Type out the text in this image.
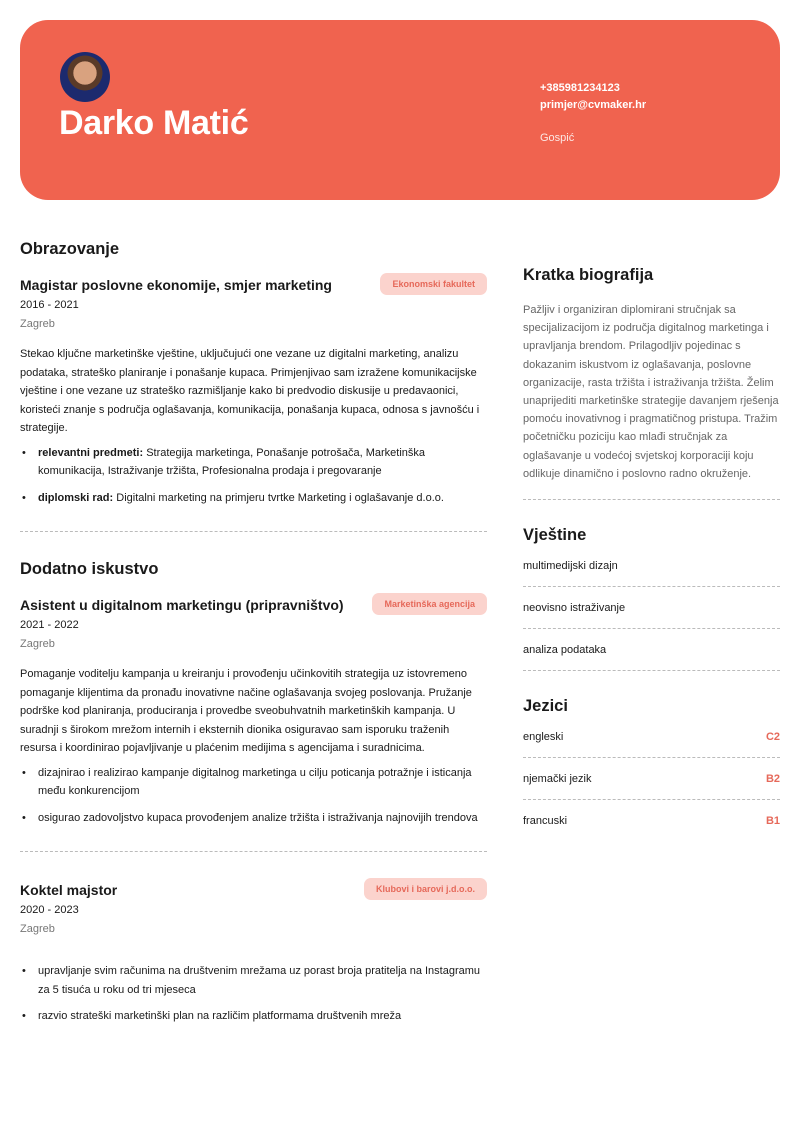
Darko Matić
+385981234123
primjer@cvmaker.hr
Gospić
Obrazovanje
Magistar poslovne ekonomije, smjer marketing	Ekonomski fakultet
2016 - 2021
Zagreb
Stekao ključne marketinške vještine, uključujući one vezane uz digitalni marketing, analizu podataka, strateško planiranje i ponašanje kupaca. Primjenjivao sam izražene komunikacijske vještine i one vezane uz strateško razmišljanje kako bi predvodio diskusije u predavaonici, koristeći znanje s područja oglašavanja, komunikacija, ponašanja kupaca, odnosa s javnošću i strategije.
• relevantni predmeti: Strategija marketinga, Ponašanje potrošača, Marketinška komunikacija, Istraživanje tržišta, Profesionalna prodaja i pregovaranje
• diplomski rad: Digitalni marketing na primjeru tvrtke Marketing i oglašavanje d.o.o.
Dodatno iskustvo
Asistent u digitalnom marketingu (pripravništvo)	Marketinška agencija
2021 - 2022
Zagreb
Pomaganje voditelju kampanja u kreiranju i provođenju učinkovitih strategija uz istovremeno pomaganje klijentima da pronađu inovativne načine oglašavanja svojeg poslovanja. Pružanje podrške kod planiranja, produciranja i provedbe sveobuhvatnih marketinških kampanja. U suradnji s širokom mrežom internih i eksternih dionika osiguravao sam isporuku traženih resursa i koordinirao pojavljivanje u plaćenim medijima s agencijama i suradnicima.
• dizajnirao i realizirao kampanje digitalnog marketinga u cilju poticanja potražnje i isticanja među konkurencijom
• osigurao zadovoljstvo kupaca provođenjem analize tržišta i istraživanja najnovijih trendova
Koktel majstor	Klubovi i barovi j.d.o.o.
2020 - 2023
Zagreb
• upravljanje svim računima na društvenim mrežama uz porast broja pratitelja na Instagramu za 5 tisuća u roku od tri mjeseca
• razvio strateški marketinški plan na različim platformama društvenih mreža
Kratka biografija
Pažljiv i organiziran diplomirani stručnjak sa specijalizacijom iz područja digitalnog marketinga i upravljanja brendom. Prilagodljiv pojedinac s dokazanim iskustvom iz oglašavanja, poslovne organizacije, rasta tržišta i istraživanja tržišta. Želim unaprijediti marketinške strategije davanjem rješenja pomoću inovativnog i pragmatičnog pristupa. Tražim početničku poziciju kao mlađi stručnjak za oglašavanje u vodećoj svjetskoj korporaciji koju odlikuje dinamično i poslovno radno okruženje.
Vještine
multimedijski dizajn
neovisno istraživanje
analiza podataka
Jezici
engleski	C2
njemački jezik	B2
francuski	B1
